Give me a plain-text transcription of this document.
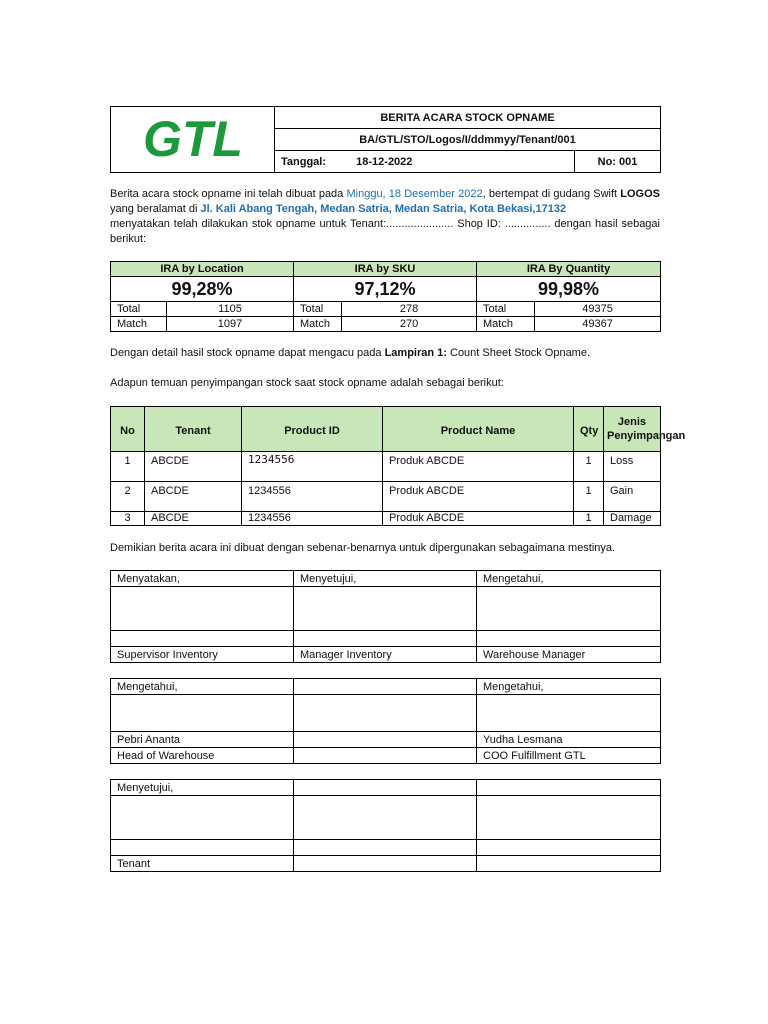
GTL	BERITA ACARA STOCK OPNAME	
	BA/GTL/STO/Logos/I/ddmmyy/Tenant/001	
	Tanggal: 18-12-2022	No: 001

Berita acara stock opname ini telah dibuat pada Minggu, 18 Desember 2022, bertempat di gudang Swift LOGOS yang beralamat di Jl. Kali Abang Tengah, Medan Satria, Medan Satria, Kota Bekasi,17132

menyatakan telah dilakukan stok opname untuk Tenant:...................... Shop ID: ............... dengan hasil sebagai berikut:

IRA by Location		IRA by SKU		IRA By Quantity	
99,28%		97,12%		99,98%	
Total	1105	Total	278	Total	49375
Match	1097	Match	270	Match	49367

Dengan detail hasil stock opname dapat mengacu pada Lampiran 1: Count Sheet Stock Opname.

Adapun temuan penyimpangan stock saat stock opname adalah sebagai berikut:

No	Tenant	Product ID	Product Name	Qty	Jenis Penyimpangan
1	ABCDE	1234556	Produk ABCDE	1	Loss
2	ABCDE	1234556	Produk ABCDE	1	Gain
3	ABCDE	1234556	Produk ABCDE	1	Damage

Demikian berita acara ini dibuat dengan sebenar-benarnya untuk dipergunakan sebagaimana mestinya.

Menyatakan,	Menyetujui,	Mengetahui,

Supervisor Inventory	Manager Inventory	Warehouse Manager
Mengetahui,		Mengetahui,

Pebri Ananta		Yudha Lesmana
Head of Warehouse		COO Fulfillment GTL
Menyetujui,		

Tenant		
